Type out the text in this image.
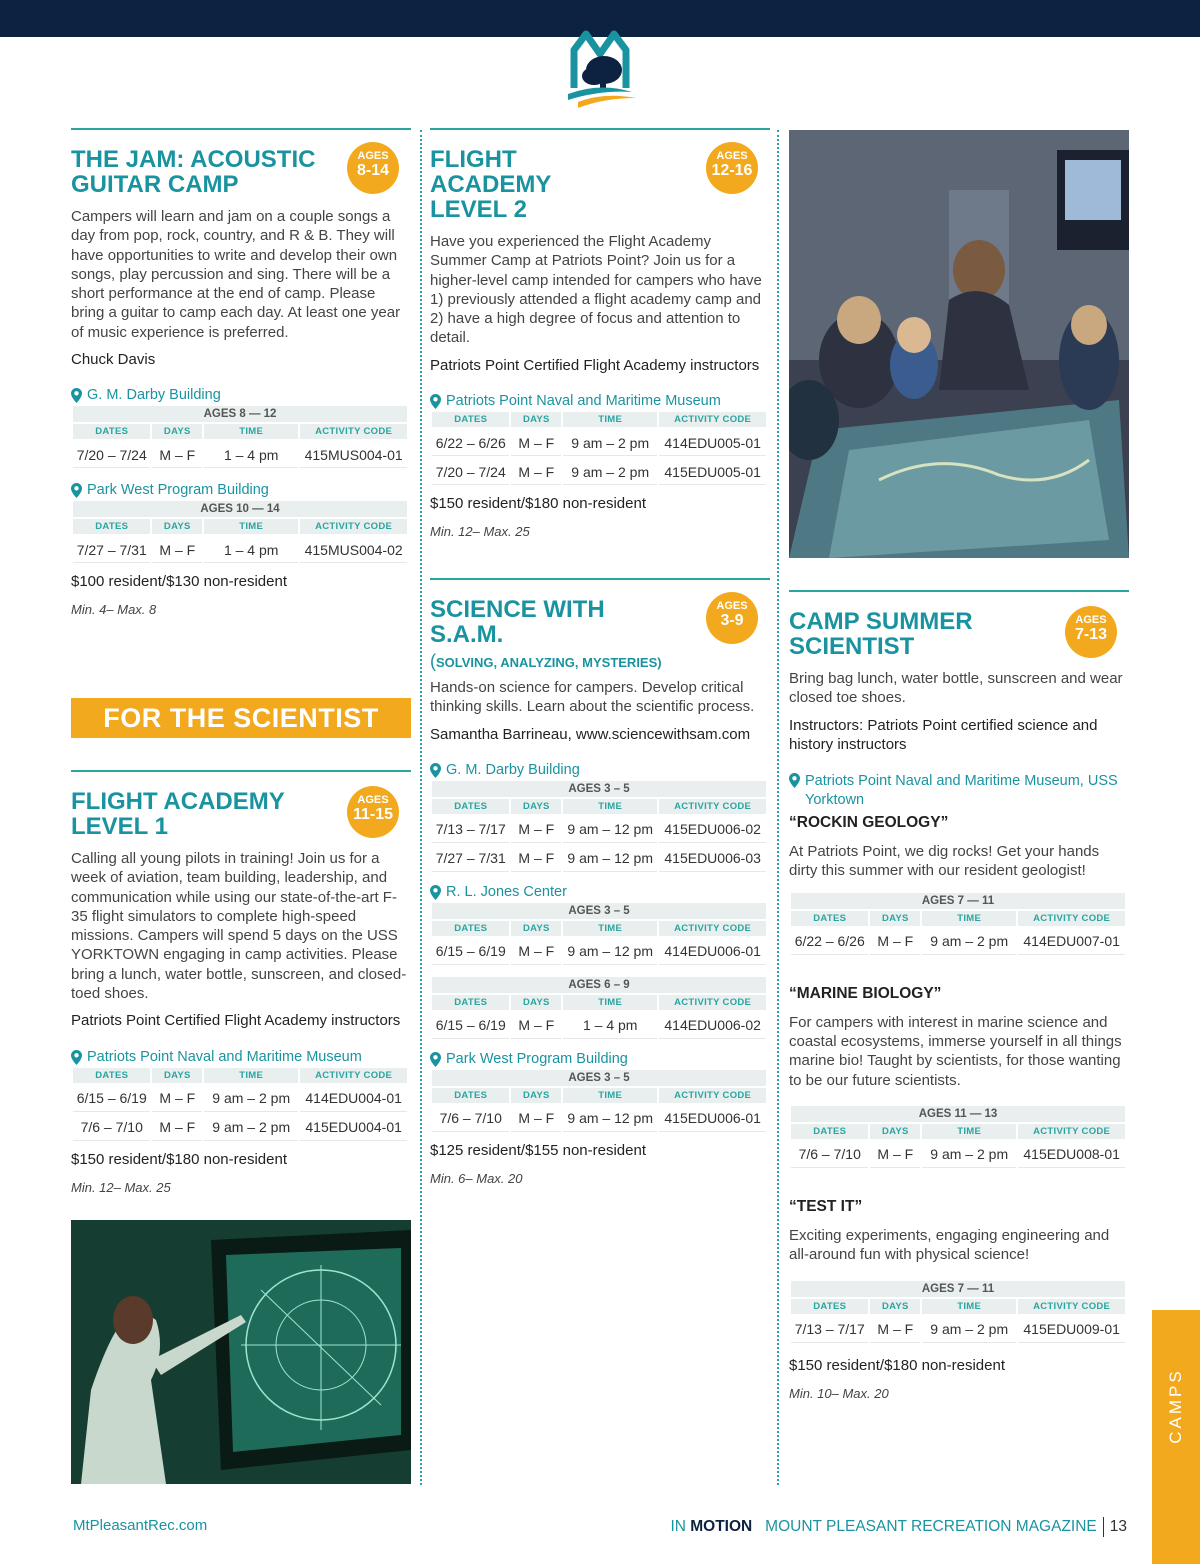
AGES
8-14
THE JAM: ACOUSTIC GUITAR CAMP
Campers will learn and jam on a couple songs a day from pop, rock, country, and R & B. They will have opportunities to write and develop their own songs, play percussion and sing. There will be a short performance at the end of camp. Please bring a guitar to camp each day. At least one year of music experience is preferred.
Chuck Davis
G. M. Darby Building
AGES 8 — 12			
DATES	DAYS	TIME	ACTIVITY CODE
7/20 – 7/24	M – F	1 – 4 pm	415MUS004-01
Park West Program Building
AGES 10 — 14			
DATES	DAYS	TIME	ACTIVITY CODE
7/27 – 7/31	M – F	1 – 4 pm	415MUS004-02
$100 resident/$130 non-resident
Min. 4– Max. 8
FOR THE SCIENTIST
AGES
11-15
FLIGHT ACADEMY LEVEL 1
Calling all young pilots in training! Join us for a week of aviation, team building, leadership, and communication while using our state-of-the-art F-35 flight simulators to complete high-speed missions. Campers will spend 5 days on the USS YORKTOWN engaging in camp activities. Please bring a lunch, water bottle, sunscreen, and closed-toed shoes.
Patriots Point Certified Flight Academy instructors
Patriots Point Naval and Maritime Museum
DATES	DAYS	TIME	ACTIVITY CODE
6/15 – 6/19	M – F	9 am – 2 pm	414EDU004-01
7/6 – 7/10	M – F	9 am – 2 pm	415EDU004-01
$150 resident/$180 non-resident
Min. 12– Max. 25
AGES
12-16
FLIGHT ACADEMY LEVEL 2
Have you experienced the Flight Academy Summer Camp at Patriots Point? Join us for a higher-level camp intended for campers who have 1) previously attended a flight academy camp and 2) have a high degree of focus and attention to detail.
Patriots Point Certified Flight Academy instructors
Patriots Point Naval and Maritime Museum
DATES	DAYS	TIME	ACTIVITY CODE
6/22 – 6/26	M – F	9 am – 2 pm	414EDU005-01
7/20 – 7/24	M – F	9 am – 2 pm	415EDU005-01
$150 resident/$180 non-resident
Min. 12– Max. 25
AGES
3-9
SCIENCE WITH S.A.M.
(SOLVING, ANALYZING, MYSTERIES)
Hands-on science for campers. Develop critical thinking skills. Learn about the scientific process.
Samantha Barrineau, www.sciencewithsam.com
G. M. Darby Building
AGES 3 – 5			
DATES	DAYS	TIME	ACTIVITY CODE
7/13 – 7/17	M – F	9 am – 12 pm	415EDU006-02
7/27 – 7/31	M – F	9 am – 12 pm	415EDU006-03
R. L. Jones Center
AGES 3 – 5			
DATES	DAYS	TIME	ACTIVITY CODE
6/15 – 6/19	M – F	9 am – 12 pm	414EDU006-01
AGES 6 – 9			
DATES	DAYS	TIME	ACTIVITY CODE
6/15 – 6/19	M – F	1 – 4 pm	414EDU006-02
Park West Program Building
AGES 3 – 5			
DATES	DAYS	TIME	ACTIVITY CODE
7/6 – 7/10	M – F	9 am – 12 pm	415EDU006-01
$125 resident/$155 non-resident
Min. 6– Max. 20
AGES
7-13
CAMP SUMMER SCIENTIST
Bring bag lunch, water bottle, sunscreen and wear closed toe shoes.
Instructors: Patriots Point certified science and history instructors
Patriots Point Naval and Maritime Museum, USS Yorktown
“ROCKIN GEOLOGY”
At Patriots Point, we dig rocks! Get your hands dirty this summer with our resident geologist!
AGES 7 — 11			
DATES	DAYS	TIME	ACTIVITY CODE
6/22 – 6/26	M – F	9 am – 2 pm	414EDU007-01
“MARINE BIOLOGY”
For campers with interest in marine science and coastal ecosystems, immerse yourself in all things marine bio! Taught by scientists, for those wanting to be our future scientists.
AGES 11 — 13			
DATES	DAYS	TIME	ACTIVITY CODE
7/6 – 7/10	M – F	9 am – 2 pm	415EDU008-01
“TEST IT”
Exciting experiments, engaging engineering and all-around fun with physical science!
AGES 7 — 11			
DATES	DAYS	TIME	ACTIVITY CODE
7/13 – 7/17	M – F	9 am – 2 pm	415EDU009-01
$150 resident/$180 non-resident
Min. 10– Max. 20	CAMPS
MtPleasantRec.com	IN
MOTION
MOUNT PLEASANT RECREATION MAGAZINE 13
